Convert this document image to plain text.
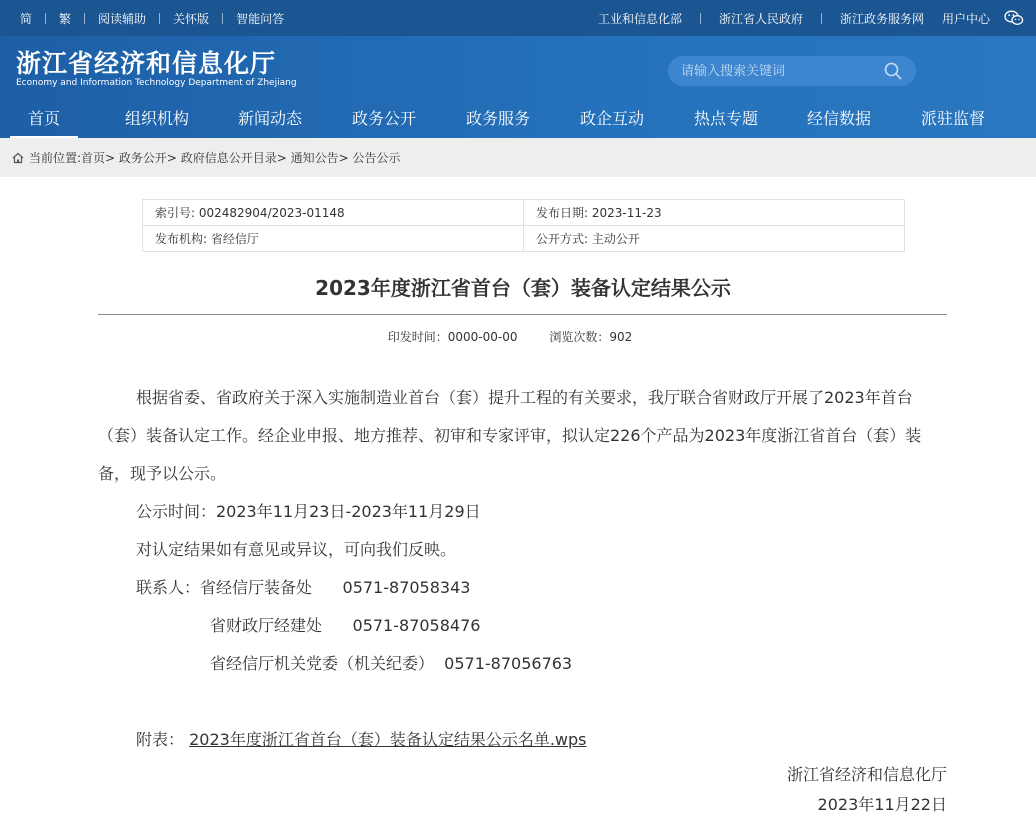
简	繁	阅读辅助	关怀版	智能问答	工业和信息化部	浙江省人民政府	浙江政务服务网 用户中心
浙江省经济和信息化厅
Economy and Information Technology Department of Zhejiang
请输入搜索关键词
首页	组织机构	新闻动态	政务公开	政务服务	政企互动	热点专题	经信数据	派驻监督
当前位置:首页> 政务公开> 政府信息公开目录> 通知公告> 公告公示
索引号: 002482904/2023-01148	发布日期: 2023-11-23
发布机构: 省经信厅	公开方式: 主动公开
2023年度浙江省首台（套）装备认定结果公示
印发时间：0000-00-00	浏览次数：902

根据省委、省政府关于深入实施制造业首台（套）提升工程的有关要求，我厅联合省财政厅开展了2023年首台（套）装备认定工作。经企业申报、地方推荐、初审和专家评审，拟认定226个产品为2023年度浙江省首台（套）装备，现予以公示。

公示时间：2023年11月23日-2023年11月29日

对认定结果如有意见或异议，可向我们反映。

联系人：省经信厅装备处      0571-87058343

省财政厅经建处      0571-87058476

省经信厅机关党委（机关纪委）  0571-87056763

附表： 2023年度浙江省首台（套）装备认定结果公示名单.wps

浙江省经济和信息化厅
2023年11月22日
